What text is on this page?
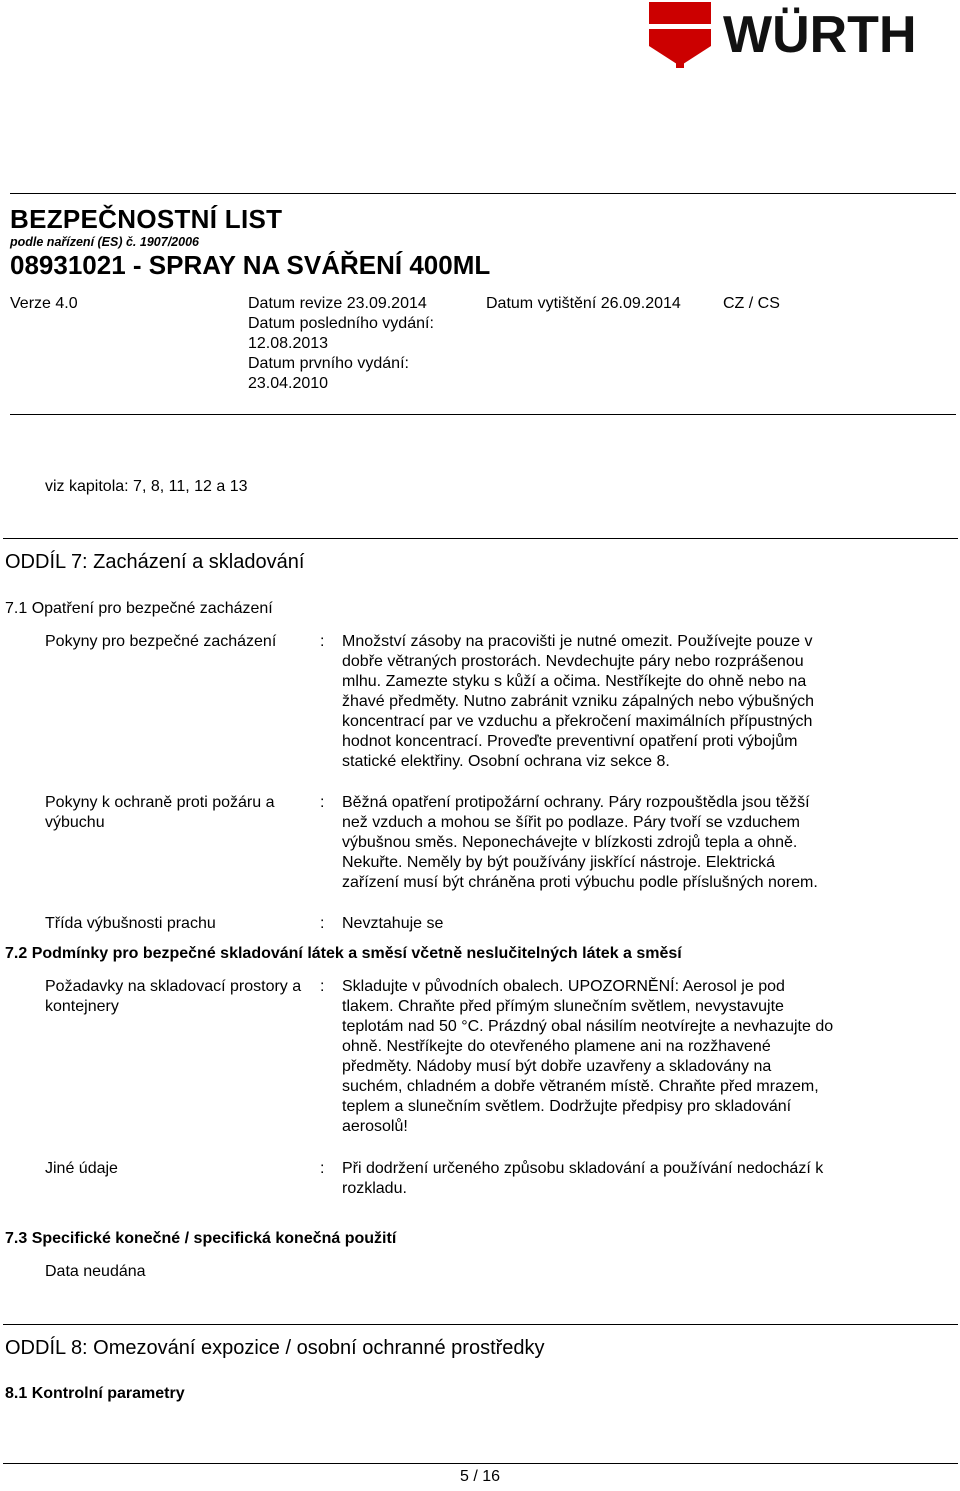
WÜRTH
BEZPEČNOSTNÍ LIST
podle nařízení (ES) č. 1907/2006
08931021 - SPRAY NA SVÁŘENÍ 400ML
Verze 4.0	Datum revize 23.09.2014
Datum posledního vydání:
12.08.2013
Datum prvního vydání:
23.04.2010
Datum vytištění 26.09.2014	CZ / CS
viz kapitola: 7, 8, 11, 12 a 13
ODDÍL 7: Zacházení a skladování
7.1 Opatření pro bezpečné zacházení
Pokyny pro bezpečné zacházení	: Množství zásoby na pracovišti je nutné omezit. Používejte pouze v
dobře větraných prostorách. Nevdechujte páry nebo rozprášenou
mlhu. Zamezte styku s kůží a očima. Nestříkejte do ohně nebo na
žhavé předměty. Nutno zabránit vzniku zápalných nebo výbušných
koncentrací par ve vzduchu a překročení maximálních přípustných
hodnot koncentrací. Proveďte preventivní opatření proti výbojům
statické elektřiny. Osobní ochrana viz sekce 8.
Pokyny k ochraně proti požáru a výbuchu
: Běžná opatření protipožární ochrany. Páry rozpouštědla jsou těžší
než vzduch a mohou se šířit po podlaze. Páry tvoří se vzduchem
výbušnou směs. Neponechávejte v blízkosti zdrojů tepla a ohně.
Nekuřte. Neměly by být používány jiskřící nástroje. Elektrická
zařízení musí být chráněna proti výbuchu podle příslušných norem.
Třída výbušnosti prachu	: Nevztahuje se
7.2 Podmínky pro bezpečné skladování látek a směsí včetně neslučitelných látek a směsí
Požadavky na skladovací prostory a kontejnery
: Skladujte v původních obalech. UPOZORNĚNÍ: Aerosol je pod
tlakem. Chraňte před přímým slunečním světlem, nevystavujte
teplotám nad 50 °C. Prázdný obal násilím neotvírejte a nevhazujte do
ohně. Nestříkejte do otevřeného plamene ani na rozžhavené
předměty. Nádoby musí být dobře uzavřeny a skladovány na
suchém, chladném a dobře větraném místě. Chraňte před mrazem,
teplem a slunečním světlem. Dodržujte předpisy pro skladování
aerosolů!
Jiné údaje	: Při dodržení určeného způsobu skladování a používání nedochází k
rozkladu.
7.3 Specifické konečné / specifická konečná použití
Data neudána
ODDÍL 8: Omezování expozice / osobní ochranné prostředky
8.1 Kontrolní parametry
5 / 16
